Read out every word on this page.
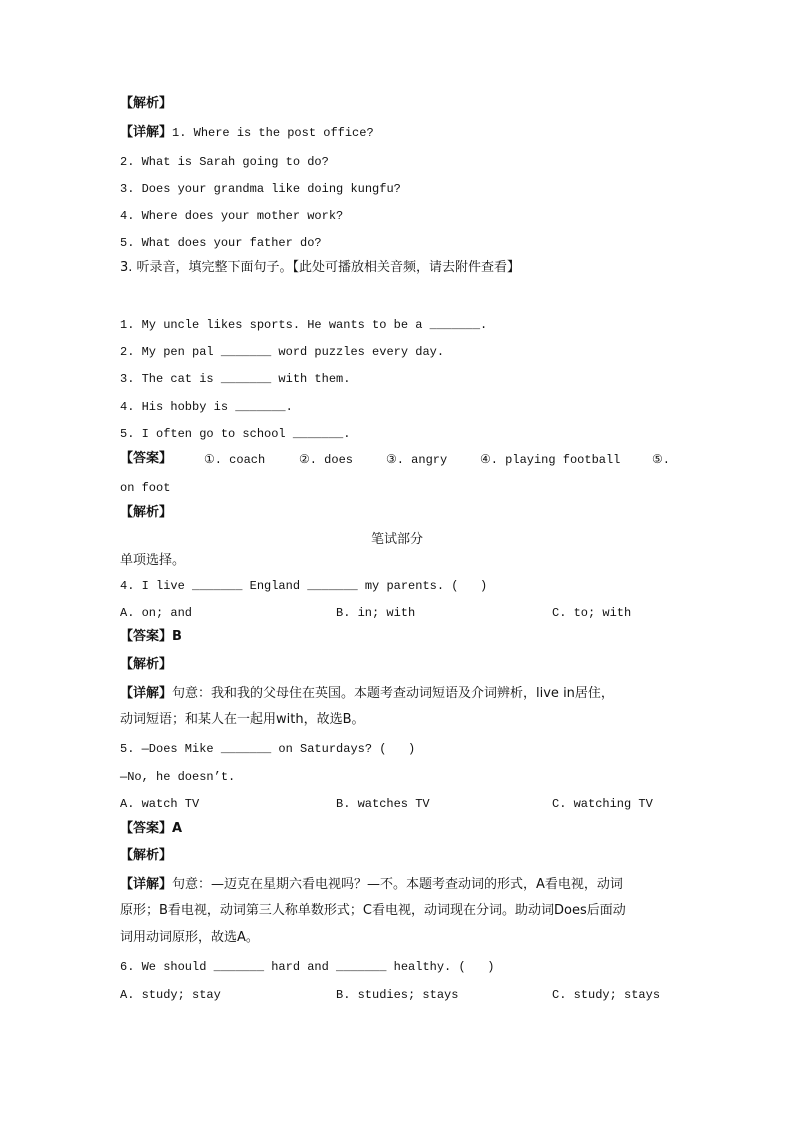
【解析】
【详解】1. Where is the post office?
2. What is Sarah going to do?
3. Does your grandma like doing kungfu?
4. Where does your mother work?
5. What does your father do?
3. 听录音，填完整下面句子。【此处可播放相关音频，请去附件查看】
1. My uncle likes sports. He wants to be a _______.
2. My pen pal _______ word puzzles every day.
3. The cat is _______ with them.
4. His hobby is _______.
5. I often go to school _______.
【答案】	①. coach	②. does	③. angry	④. playing football	⑤.
on foot
【解析】
笔试部分
单项选择。
4. I live _______ England _______ my parents. (   )
A. on; and	B. in; with	C. to; with
【答案】B
【解析】
【详解】句意：我和我的父母住在英国。本题考查动词短语及介词辨析，live in居住，
动词短语；和某人在一起用with，故选B。
5. —Does Mike _______ on Saturdays? (   )
—No, he doesn’t.
A. watch TV	B. watches TV	C. watching TV
【答案】A
【解析】
【详解】句意：—迈克在星期六看电视吗？—不。本题考查动词的形式，A看电视，动词
原形；B看电视，动词第三人称单数形式；C看电视，动词现在分词。助动词Does后面动
词用动词原形，故选A。
6. We should _______ hard and _______ healthy. (   )
A. study; stay	B. studies; stays	C. study; stays
